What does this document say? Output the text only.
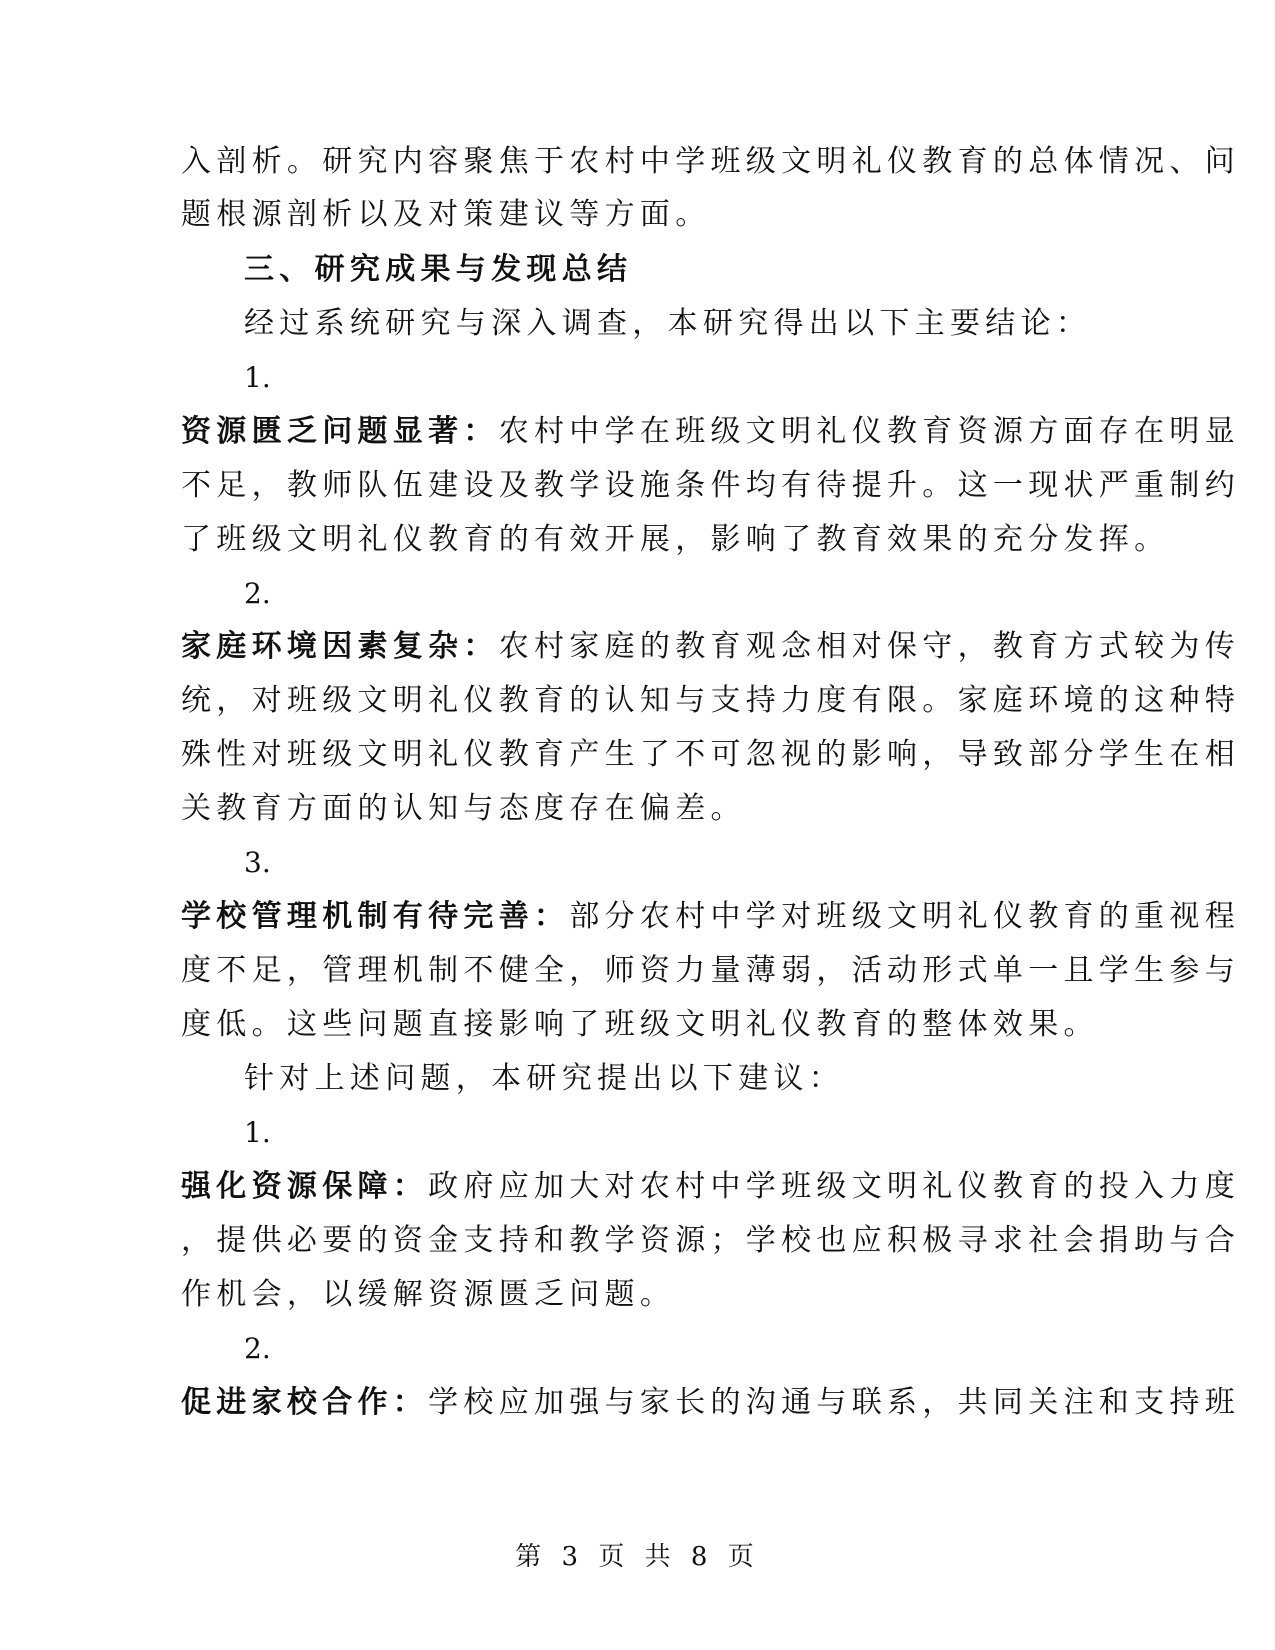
入剖析。研究内容聚焦于农村中学班级文明礼仪教育的总体情况、问
题根源剖析以及对策建议等方面。
三、研究成果与发现总结
经过系统研究与深入调查，本研究得出以下主要结论：
1.
资源匮乏问题显著：农村中学在班级文明礼仪教育资源方面存在明显
不足，教师队伍建设及教学设施条件均有待提升。这一现状严重制约
了班级文明礼仪教育的有效开展，影响了教育效果的充分发挥。
2.
家庭环境因素复杂：农村家庭的教育观念相对保守，教育方式较为传
统，对班级文明礼仪教育的认知与支持力度有限。家庭环境的这种特
殊性对班级文明礼仪教育产生了不可忽视的影响，导致部分学生在相
关教育方面的认知与态度存在偏差。
3.
学校管理机制有待完善：部分农村中学对班级文明礼仪教育的重视程
度不足，管理机制不健全，师资力量薄弱，活动形式单一且学生参与
度低。这些问题直接影响了班级文明礼仪教育的整体效果。
针对上述问题，本研究提出以下建议：
1.
强化资源保障：政府应加大对农村中学班级文明礼仪教育的投入力度
，提供必要的资金支持和教学资源；学校也应积极寻求社会捐助与合
作机会，以缓解资源匮乏问题。
2.
促进家校合作：学校应加强与家长的沟通与联系，共同关注和支持班
第 3 页 共 8 页
